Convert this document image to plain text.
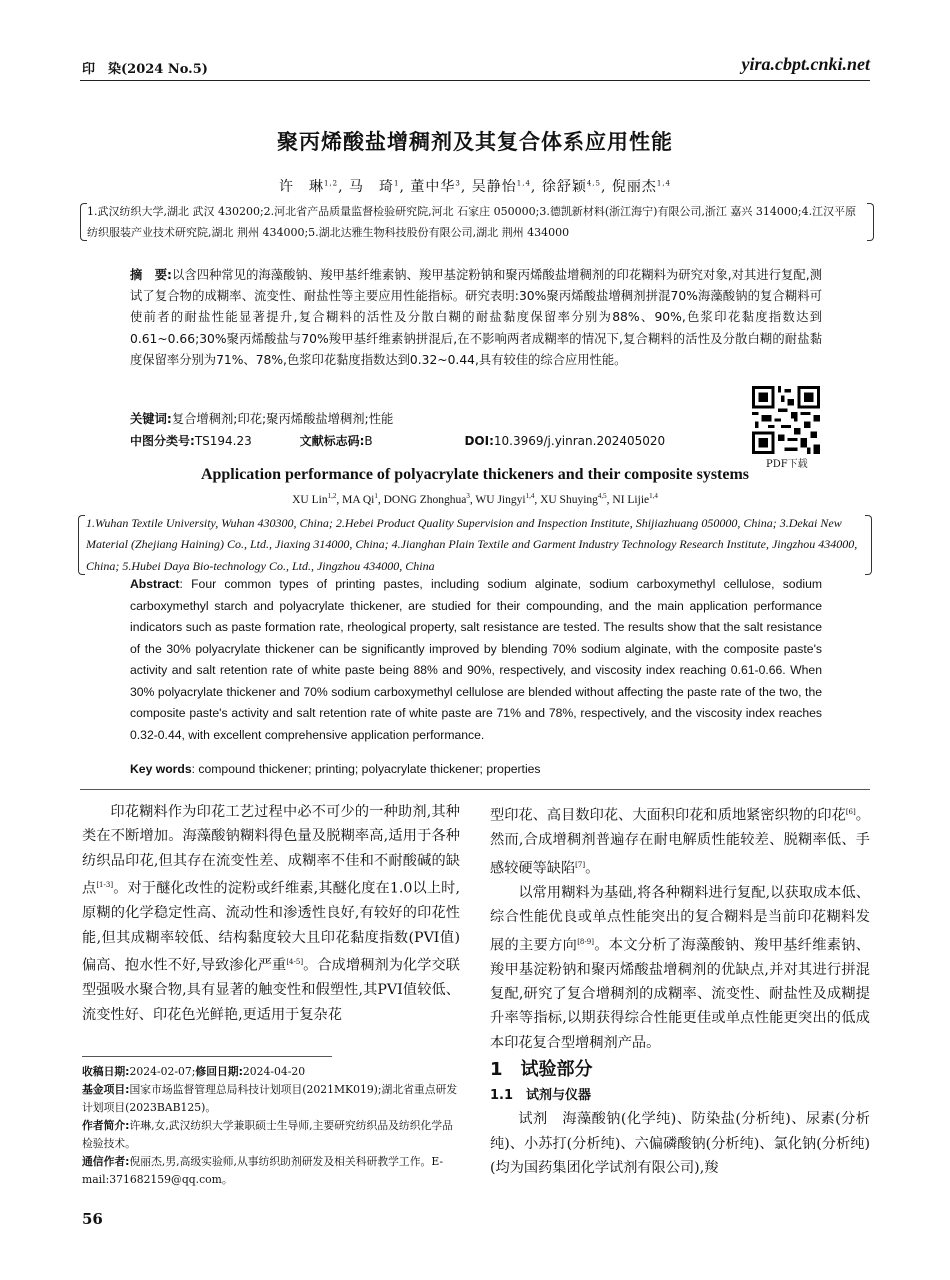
印　染(2024 No.5)	yira.cbpt.cnki.net
聚丙烯酸盐增稠剂及其复合体系应用性能
许　琳$^{1,2}$, 马　琦$^1$, 董中华$^3$, 吴静怡$^{1,4}$, 徐舒颖$^{4,5}$, 倪丽杰$^{1,4}$
1.武汉纺织大学,湖北 武汉 430200;2.河北省产品质量监督检验研究院,河北 石家庄 050000;3.德凯新材料(浙江海宁)有限公司,浙江 嘉兴 314000;4.江汉平原纺织服装产业技术研究院,湖北 荆州 434000;5.湖北达雅生物科技股份有限公司,湖北 荆州 434000
摘　要:以含四种常见的海藻酸钠、羧甲基纤维素钠、羧甲基淀粉钠和聚丙烯酸盐增稠剂的印花糊料为研究对象,对其进行复配,测试了复合物的成糊率、流变性、耐盐性等主要应用性能指标。研究表明:30%聚丙烯酸盐增稠剂拼混70%海藻酸钠的复合糊料可使前者的耐盐性能显著提升,复合糊料的活性及分散白糊的耐盐黏度保留率分别为88%、90%,色浆印花黏度指数达到0.61~0.66;30%聚丙烯酸盐与70%羧甲基纤维素钠拼混后,在不影响两者成糊率的情况下,复合糊料的活性及分散白糊的耐盐黏度保留率分别为71%、78%,色浆印花黏度指数达到0.32~0.44,具有较佳的综合应用性能。
关键词:复合增稠剂;印花;聚丙烯酸盐增稠剂;性能
中图分类号:TS194.23	文献标志码:B	DOI:10.3969/j.yinran.202405020
PDF下载
Application performance of polyacrylate thickeners and their composite systems
XU Lin$^{1,2}$, MA Qi$^1$, DONG Zhonghua$^3$, WU Jingyi$^{1,4}$, XU Shuying$^{4,5}$, NI Lijie$^{1,4}$
1.Wuhan Textile University, Wuhan 430300, China; 2.Hebei Product Quality Supervision and Inspection Institute, Shijiazhuang 050000, China; 3.Dekai New Material (Zhejiang Haining) Co., Ltd., Jiaxing 314000, China; 4.Jianghan Plain Textile and Garment Industry Technology Research Institute, Jingzhou 434000, China; 5.Hubei Daya Bio-technology Co., Ltd., Jingzhou 434000, China
Abstract: Four common types of printing pastes, including sodium alginate, sodium carboxymethyl cellulose, sodium carboxymethyl starch and polyacrylate thickener, are studied for their compounding, and the main application performance indicators such as paste formation rate, rheological property, salt resistance are tested. The results show that the salt resistance of the 30% polyacrylate thickener can be significantly improved by blending 70% sodium alginate, with the composite paste's activity and salt retention rate of white paste being 88% and 90%, respectively, and viscosity index reaching 0.61-0.66. When 30% polyacrylate thickener and 70% sodium carboxymethyl cellulose are blended without affecting the paste rate of the two, the composite paste's activity and salt retention rate of white paste are 71% and 78%, respectively, and the viscosity index reaches 0.32-0.44, with excellent comprehensive application performance.
Key words: compound thickener; printing; polyacrylate thickener; properties

印花糊料作为印花工艺过程中必不可少的一种助剂,其种类在不断增加。海藻酸钠糊料得色量及脱糊率高,适用于各种纺织品印花,但其存在流变性差、成糊率不佳和不耐酸碱的缺点[1-3]。对于醚化改性的淀粉或纤维素,其醚化度在1.0以上时,原糊的化学稳定性高、流动性和渗透性良好,有较好的印花性能,但其成糊率较低、结构黏度较大且印花黏度指数(PVI值)偏高、抱水性不好,导致渗化严重[4-5]。合成增稠剂为化学交联型强吸水聚合物,具有显著的触变性和假塑性,其PVI值较低、流变性好、印花色光鲜艳,更适用于复杂花

型印花、高目数印花、大面积印花和质地紧密织物的印花[6]。然而,合成增稠剂普遍存在耐电解质性能较差、脱糊率低、手感较硬等缺陷[7]。

以常用糊料为基础,将各种糊料进行复配,以获取成本低、综合性能优良或单点性能突出的复合糊料是当前印花糊料发展的主要方向[8-9]。本文分析了海藻酸钠、羧甲基纤维素钠、羧甲基淀粉钠和聚丙烯酸盐增稠剂的优缺点,并对其进行拼混复配,研究了复合增稠剂的成糊率、流变性、耐盐性及成糊提升率等指标,以期获得综合性能更佳或单点性能更突出的低成本印花复合型增稠剂产品。

1　试验部分

1.1　试剂与仪器

试剂　海藻酸钠(化学纯)、防染盐(分析纯)、尿素(分析纯)、小苏打(分析纯)、六偏磷酸钠(分析纯)、氯化钠(分析纯)(均为国药集团化学试剂有限公司),羧

收稿日期:2024-02-07;修回日期:2024-04-20

基金项目:国家市场监督管理总局科技计划项目(2021MK019);湖北省重点研发计划项目(2023BAB125)。

作者简介:许琳,女,武汉纺织大学兼职硕士生导师,主要研究纺织品及纺织化学品检验技术。

通信作者:倪丽杰,男,高级实验师,从事纺织助剂研发及相关科研教学工作。E-mail:371682159@qq.com。

56
